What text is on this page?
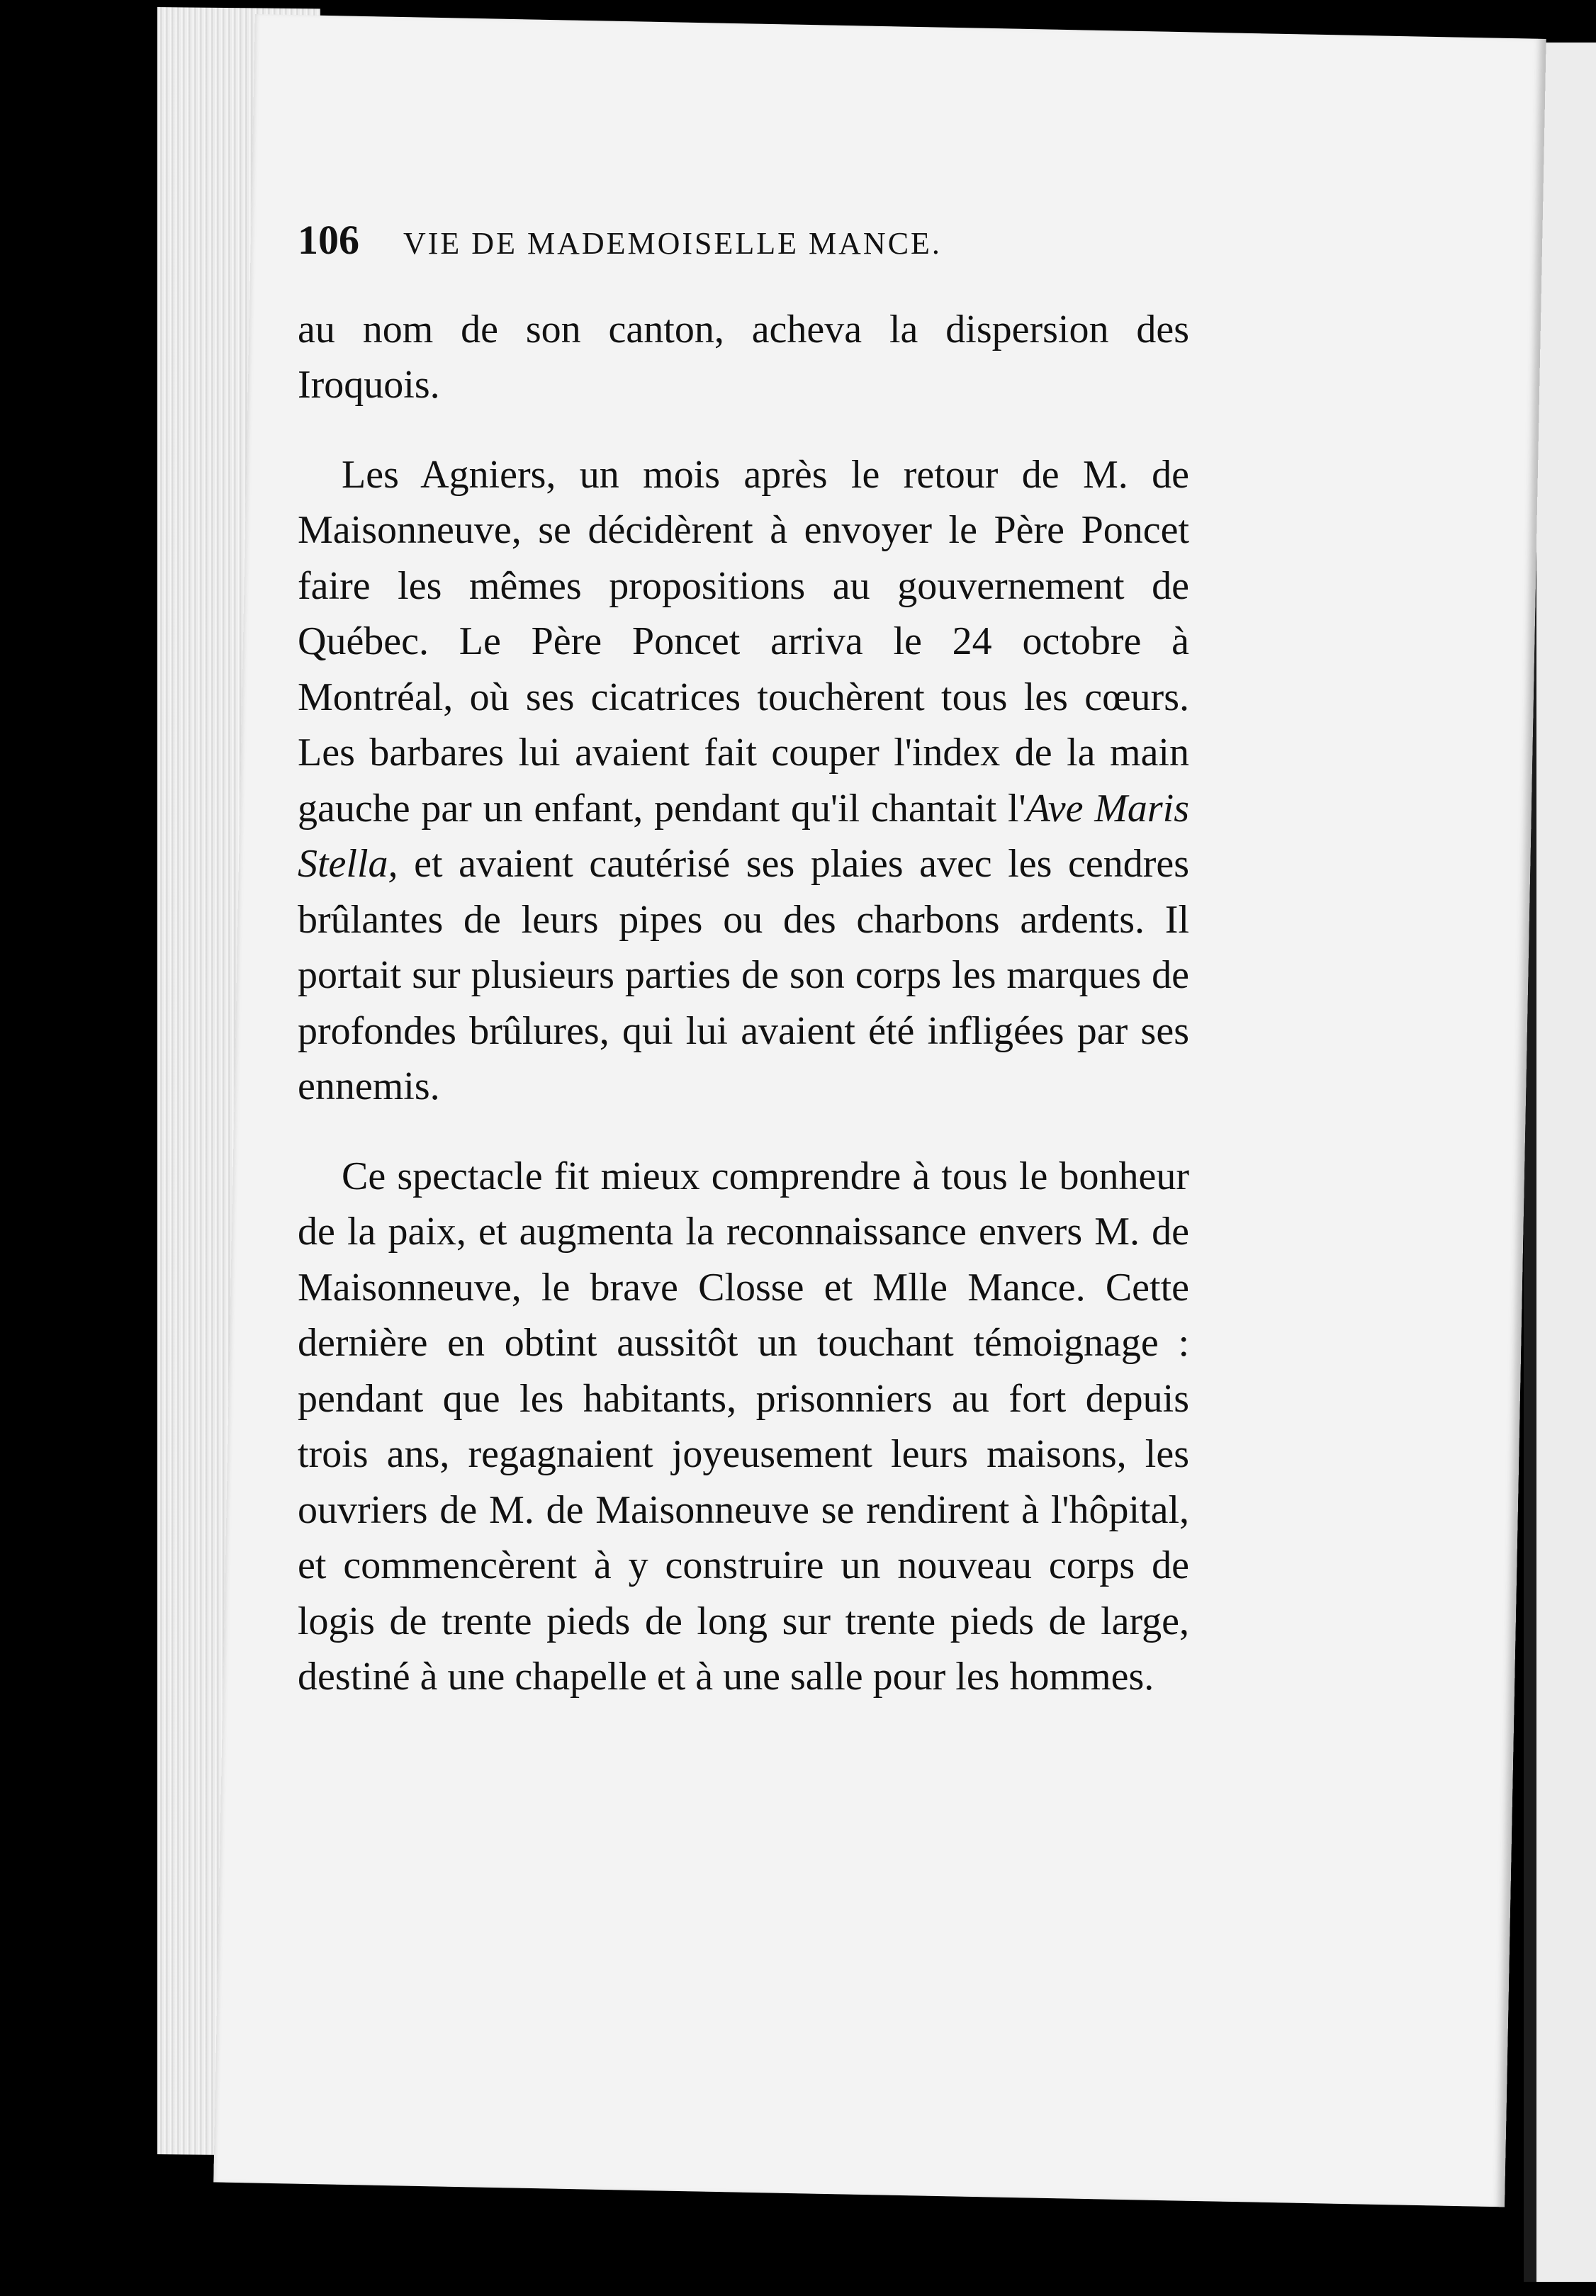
106 VIE DE MADEMOISELLE MANCE.

au nom de son canton, acheva la dispersion des Iroquois.

Les Agniers, un mois après le retour de M. de Maisonneuve, se décidèrent à envoyer le Père Poncet faire les mêmes propositions au gouvernement de Québec. Le Père Poncet arriva le 24 octobre à Montréal, où ses cicatrices touchèrent tous les cœurs. Les barbares lui avaient fait couper l'index de la main gauche par un enfant, pendant qu'il chantait l'Ave Maris Stella, et avaient cautérisé ses plaies avec les cendres brûlantes de leurs pipes ou des charbons ardents. Il portait sur plusieurs parties de son corps les marques de profondes brûlures, qui lui avaient été infligées par ses ennemis.

Ce spectacle fit mieux comprendre à tous le bonheur de la paix, et augmenta la reconnaissance envers M. de Maisonneuve, le brave Closse et Mlle Mance. Cette dernière en obtint aussitôt un touchant témoignage : pendant que les habitants, prisonniers au fort depuis trois ans, regagnaient joyeusement leurs maisons, les ouvriers de M. de Maisonneuve se rendirent à l'hôpital, et commencèrent à y construire un nouveau corps de logis de trente pieds de long sur trente pieds de large, destiné à une chapelle et à une salle pour les hommes.
